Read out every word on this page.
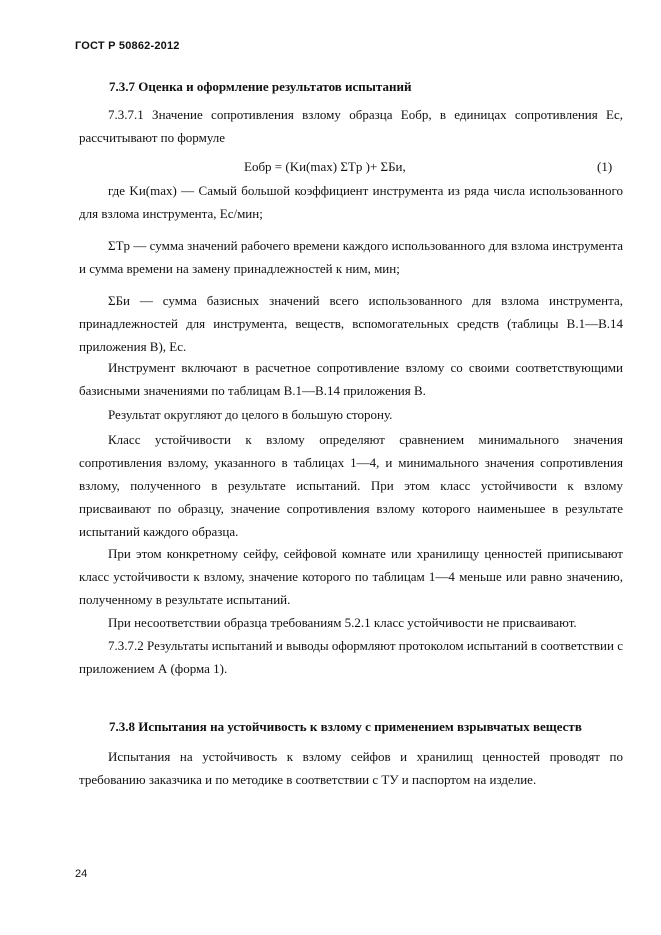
ГОСТ Р 50862-2012
7.3.7 Оценка и оформление результатов испытаний

7.3.7.1 Значение сопротивления взлому образца Eобр, в единицах сопротивления Ec, рассчитывают по формуле

Eобр = (Kи(max) ΣTр )+ ΣБи,	(1)

где Kи(max) — Самый большой коэффициент инструмента из ряда числа использованного для взлома инструмента, Ec/мин;

ΣTр — сумма значений рабочего времени каждого использованного для взлома инструмента и сумма времени на замену принадлежностей к ним, мин;

ΣБи — сумма базисных значений всего использованного для взлома инструмента, принадлежностей для инструмента, веществ, вспомогательных средств (таблицы В.1—В.14 приложения В), Ec.

Инструмент включают в расчетное сопротивление взлому со своими соответствующими базисными значениями по таблицам В.1—В.14 приложения В.

Результат округляют до целого в большую сторону.

Класс устойчивости к взлому определяют сравнением минимального значения сопротивления взлому, указанного в таблицах 1—4, и минимального значения сопротивления взлому, полученного в результате испытаний. При этом класс устойчивости к взлому присваивают по образцу, значение сопротивления взлому которого наименьшее в результате испытаний каждого образца.

При этом конкретному сейфу, сейфовой комнате или хранилищу ценностей приписывают класс устойчивости к взлому, значение которого по таблицам 1—4 меньше или равно значению, полученному в результате испытаний.

При несоответствии образца требованиям 5.2.1 класс устойчивости не присваивают.

7.3.7.2 Результаты испытаний и выводы оформляют протоколом испытаний в соответствии с приложением А (форма 1).

7.3.8 Испытания на устойчивость к взлому с применением взрывчатых веществ

Испытания на устойчивость к взлому сейфов и хранилищ ценностей проводят по требованию заказчика и по методике в соответствии с ТУ и паспортом на изделие.

24
